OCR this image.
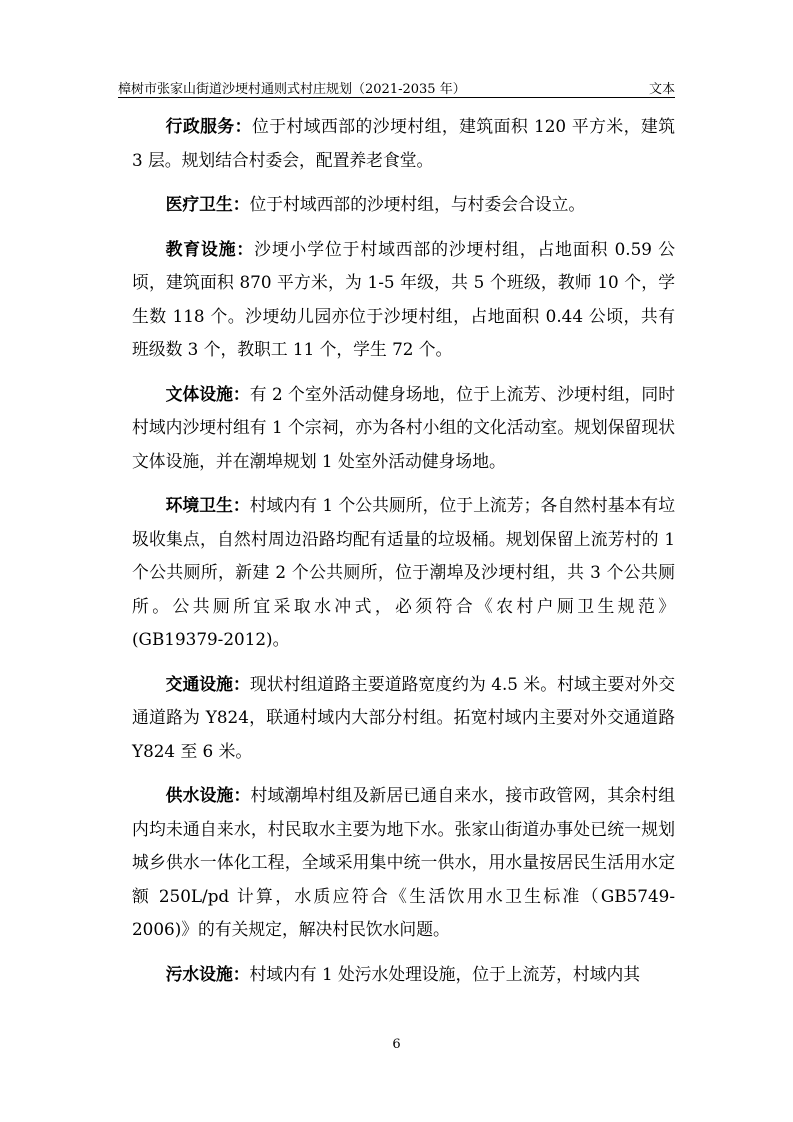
樟树市张家山街道沙埂村通则式村庄规划（2021-2035 年）	文本

行政服务：位于村域西部的沙埂村组，建筑面积 120 平方米，建筑 3 层。规划结合村委会，配置养老食堂。

医疗卫生：位于村域西部的沙埂村组，与村委会合设立。

教育设施：沙埂小学位于村域西部的沙埂村组，占地面积 0.59 公顷，建筑面积 870 平方米，为 1-5 年级，共 5 个班级，教师 10 个，学生数 118 个。沙埂幼儿园亦位于沙埂村组，占地面积 0.44 公顷，共有班级数 3 个，教职工 11 个，学生 72 个。

文体设施：有 2 个室外活动健身场地，位于上流芳、沙埂村组，同时村域内沙埂村组有 1 个宗祠，亦为各村小组的文化活动室。规划保留现状文体设施，并在潮埠规划 1 处室外活动健身场地。

环境卫生：村域内有 1 个公共厕所，位于上流芳；各自然村基本有垃圾收集点，自然村周边沿路均配有适量的垃圾桶。规划保留上流芳村的 1 个公共厕所，新建 2 个公共厕所，位于潮埠及沙埂村组，共 3 个公共厕所。公共厕所宜采取水冲式，必须符合《农村户厕卫生规范》(GB19379-2012)。

交通设施：现状村组道路主要道路宽度约为 4.5 米。村域主要对外交通道路为 Y824，联通村域内大部分村组。拓宽村域内主要对外交通道路 Y824 至 6 米。

供水设施：村域潮埠村组及新居已通自来水，接市政管网，其余村组内均未通自来水，村民取水主要为地下水。张家山街道办事处已统一规划城乡供水一体化工程，全域采用集中统一供水，用水量按居民生活用水定额 250L/pd 计算，水质应符合《生活饮用水卫生标准（GB5749-2006)》的有关规定，解决村民饮水问题。

污水设施：村域内有 1 处污水处理设施，位于上流芳，村域内其

6
